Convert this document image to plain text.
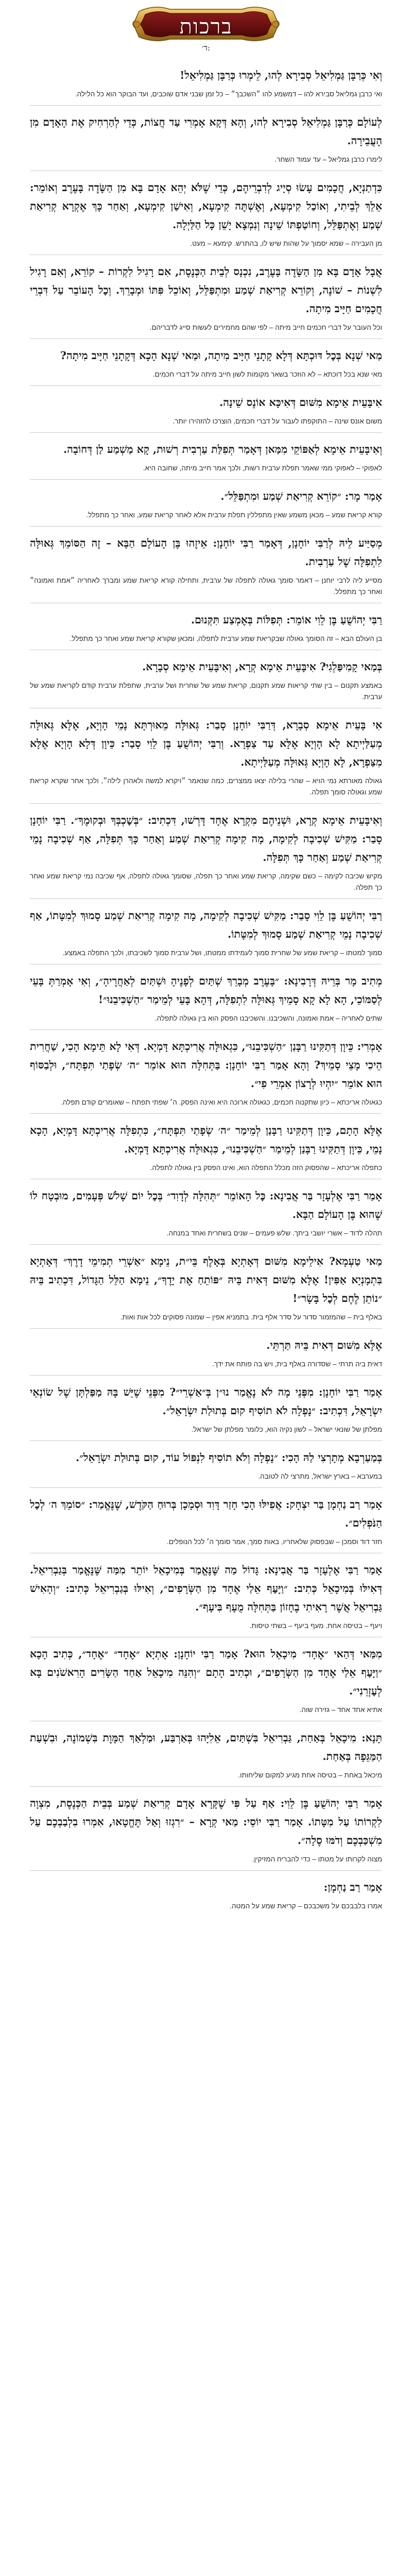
ברכות
ד׳:

וְאִי כְּרַבָּן גַּמְלִיאֵל סְבִירָא לְהוּ, לֵימְרוּ כְּרַבָּן גַּמְלִיאֵל!

ואי כרבן גמליאל סבירא להו – דמשמע להו ״השכבך״ – כל זמן שבני אדם שוכבים, ועד הבוקר הוא כל הלילה.

לְעוֹלָם כְּרַבָּן גַּמְלִיאֵל סְבִירָא לְהוּ, וְהָא דְּקָא אָמְרִי עַד חֲצוֹת, כְּדֵי לְהַרְחִיק אֶת הָאָדָם מִן הָעֲבֵירָה.

לימרו כרבן גמליאל – עד עמוד השחר.

כִּדְתַנְיָא, חֲכָמִים עָשׂוּ סְיָיג לְדִבְרֵיהֶם, כְּדֵי שֶׁלֹּא יְהֵא אָדָם בָּא מִן הַשָּׂדֶה בָּעֶרֶב וְאוֹמֵר: אֵלֵךְ לְבֵיתִי, וְאוֹכַל קִימְעָא, וְאֶשְׁתֶּה קִימְעָא, וְאִישַׁן קִימְעָא, וְאַחַר כָּךְ אֶקְרָא קְרִיאַת שְׁמַע וְאֶתְפַּלֵּל, וְחוֹטַפְתּוֹ שֵׁינָה וְנִמְצָא יָשֵׁן כָּל הַלַּיְלָה.

מן העבירה – שמא יסמוך על שהות שיש לו, בהתרש. קימעא – מעט.

אֲבָל אָדָם בָּא מִן הַשָּׂדֶה בָּעֶרֶב, נִכְנָס לְבֵית הַכְּנֶסֶת, אִם רָגִיל לִקְרוֹת – קוֹרֵא, וְאִם רָגִיל לִשְׁנוֹת – שׁוֹנֶה, וְקוֹרֵא קְרִיאַת שְׁמַע וּמִתְפַּלֵּל, וְאוֹכֵל פִּתּוֹ וּמְבָרֵךְ. וְכׇל הָעוֹבֵר עַל דִּבְרֵי חֲכָמִים חַיָּיב מִיתָה.

וכל העובר על דברי חכמים חייב מיתה – לפי שהם מחמירים לעשות סייג לדבריהם.

מַאי שְׁנָא בְּכׇל דּוּכְתָּא דְּלָא קָתָנֵי חַיָּיב מִיתָה, וּמַאי שְׁנָא הָכָא דְּקָתָנֵי חַיָּיב מִיתָה?

מאי שנא בכל דוכתא – לא הוזכר בשאר מקומות לשון חייב מיתה על דברי חכמים.

אִיבָּעֵית אֵימָא מִשּׁוּם דְּאִיכָּא אוֹנֶס שֵׁינָה.

משום אונס שינה – התוקפתו לעבור על דברי חכמים, הוצרכו להזהירו יותר.

וְאִיבָּעֵית אֵימָא לְאַפּוֹקֵי מִמַּאן דְּאָמַר תְּפִלַּת עַרְבִית רְשׁוּת, קָא מַשְׁמַע לַן דְּחוֹבָה.

לאפוקי – לאפוקי ממי שאמר תפלת ערבית רשות, ולכך אמר חייב מיתה, שחובה היא.

אָמַר מָר: ״קוֹרֵא קְרִיאַת שְׁמַע וּמִתְפַּלֵּל״.

קורא קריאת שמע – מכאן משמע שאין מתפללין תפלת ערבית אלא לאחר קריאת שמע, ואחר כך מתפלל.

מְסַיַּיע לֵיהּ לְרַבִּי יוֹחָנָן, דְּאָמַר רַבִּי יוֹחָנָן: אֵיזֶהוּ בֶּן הָעוֹלָם הַבָּא – זֶה הַסּוֹמֵךְ גְּאוּלָּה לִתְפִלָּה שֶׁל עַרְבִית.

מסייע ליה לרבי יוחנן – דאמר סומך גאולה לתפלה של ערבית, ותחילה קורא קריאת שמע ומברך לאחריה ״אמת ואמונה״ ואחר כך מתפלל.

רַבִּי יְהוֹשֻׁעַ בֶּן לֵוִי אוֹמֵר: תְּפִלּוֹת בְּאֶמְצַע תִּקְּנוּם.

בן העולם הבא – זה הסומך גאולה שבקריאת שמע ערבית לתפלה, ומכאן שקורא קריאת שמע ואחר כך מתפלל.

בְּמַאי קָמִיפַּלְגִי? אִיבָּעֵית אֵימָא קְרָא, וְאִיבָּעֵית אֵימָא סְבָרָא.

באמצע תקנום – בין שתי קריאות שמע תקנום, קריאת שמע של שחרית ושל ערבית, שתפלת ערבית קודם לקריאת שמע של ערבית.

אִי בָּעֵית אֵימָא סְבָרָא, דְּרַבִּי יוֹחָנָן סָבַר: גְּאוּלָּה מֵאוּרְתָּא נָמֵי הָוְיָא, אֶלָּא גְּאוּלָּה מְעַלַּיְיתָא לָא הָוְיָא אֶלָּא עַד צַפְרָא. וְרַבִּי יְהוֹשֻׁעַ בֶּן לֵוִי סָבַר: כֵּיוָן דְּלָא הָוְיָא אֶלָּא מִצַּפְרָא, לָא הָוְיָא גְּאוּלָּה מְעַלַּיְיתָא.

גאולה מאורתא נמי הויא – שהרי בלילה יצאו ממצרים, כמה שנאמר ״ויקרא למשה ולאהרן לילה״, ולכך אחר שקרא קריאת שמע וגאולה סומך תפלה.

וְאִיבָּעֵית אֵימָא קְרָא, וּשְׁנֵיהֶם מִקְרָא אֶחָד דָּרְשׁוּ, דִּכְתִיב: ״בְּשׇׁכְבְּךָ וּבְקוּמֶךָ״. רַבִּי יוֹחָנָן סָבַר: מַקִּישׁ שְׁכִיבָה לְקִימָה, מָה קִימָה קְרִיאַת שְׁמַע וְאַחַר כָּךְ תְּפִלָּה, אַף שְׁכִיבָה נָמֵי קְרִיאַת שְׁמַע וְאַחַר כָּךְ תְּפִלָּה.

מקיש שכיבה לקימה – כשם שקימה, קריאת שמע ואחר כך תפלה, שסומך גאולה לתפלה, אף שכיבה נמי קריאת שמע ואחר כך תפלה.

רַבִּי יְהוֹשֻׁעַ בֶּן לֵוִי סָבַר: מַקִּישׁ שְׁכִיבָה לְקִימָה, מָה קִימָה קְרִיאַת שְׁמַע סָמוּךְ לְמִטָּתוֹ, אַף שְׁכִיבָה נָמֵי קְרִיאַת שְׁמַע סָמוּךְ לְמִטָּתוֹ.

סמוך למטתו – קריאת שמע של שחרית סמוך לעמידתו ממטתו, ושל ערבית סמוך לשכיבתו, ולכך התפלה באמצע.

מְתִיב מָר בְּרֵיהּ דְּרָבִינָא: ״בָּעֶרֶב מְבָרֵךְ שְׁתַּיִם לְפָנֶיהָ וּשְׁתַּיִם לְאַחֲרֶיהָ״, וְאִי אָמְרַתְּ בָּעֵי לְסַמּוֹכֵי, הָא לָא קָא סָמֵיךְ גְּאוּלָּה לִתְפִלָּה, דְּהָא בָּעֵי לְמֵימַר ״הַשְׁכִּיבֵנוּ״!

שתים לאחריה – אמת ואמונה, והשכיבנו. והשכיבנו הפסק הוא בין גאולה לתפלה.

אָמְרִי: כֵּיוָן דְּתַקִּינוּ רַבָּנַן ״הַשְׁכִּיבֵנוּ״, כִּגְאוּלָּה אֲרִיכְתָּא דָּמְיָא. דְּאִי לָא תֵּימָא הָכִי, שַׁחֲרִית הֵיכִי מָצֵי סָמֵיךְ? וְהָא אָמַר רַבִּי יוֹחָנָן: בַּתְּחִלָּה הוּא אוֹמֵר ״ה׳ שְׂפָתַי תִּפְתָּח״, וּלְבַסּוֹף הוּא אוֹמֵר ״יִהְיוּ לְרָצוֹן אִמְרֵי פִי״.

כגאולה אריכתא – כיון שתקנוה חכמים, כגאולה ארוכה היא ואינה הפסק. ה׳ שפתי תפתח – שאומרים קודם תפלה.

אֶלָּא הָתָם, כֵּיוָן דְּתַקִּינוּ רַבָּנַן לְמֵימַר ״ה׳ שְׂפָתַי תִּפְתָּח״, כִּתְפִלָּה אֲרִיכְתָּא דָּמְיָא, הָכָא נָמֵי, כֵּיוָן דְּתַקִּינוּ רַבָּנַן לְמֵימַר ״הַשְׁכִּיבֵנוּ״, כִּגְאוּלָּה אֲרִיכְתָּא דָּמְיָא.

כתפלה אריכתא – שהפסוק הזה מכלל התפלה הוא, ואינו הפסק בין גאולה לתפלה.

אָמַר רַבִּי אֶלְעָזָר בַּר אֲבִינָא: כׇּל הָאוֹמֵר ״תְּהִלָּה לְדָוִד״ בְּכׇל יוֹם שָׁלֹשׁ פְּעָמִים, מוּבְטָח לוֹ שֶׁהוּא בֶּן הָעוֹלָם הַבָּא.

תהלה לדוד – אשרי יושבי ביתך. שלש פעמים – שנים בשחרית ואחד במנחה.

מַאי טַעְמָא? אִילֵימָא מִשּׁוּם דְּאָתְיָא בְּאָלֶף בֵּי״ת, נֵימָא ״אַשְׁרֵי תְמִימֵי דָרֶךְ״ דְּאָתְיָא בִּתְמָנְיָא אַפִּין! אֶלָּא מִשּׁוּם דְּאִית בֵּיהּ ״פּוֹתֵחַ אֶת יָדֶךָ״, נֵימָא הַלֵּל הַגָּדוֹל, דִּכְתִיב בֵּיהּ ״נוֹתֵן לֶחֶם לְכׇל בָּשָׂר״!

באלף בית – שהמזמור סדור על סדר אלף בית. בתמניא אפין – שמונה פסוקים לכל אות ואות.

אֶלָּא מִשּׁוּם דְּאִית בֵּיהּ תַּרְתֵּי.

דאית ביה תרתי – שסדורה באלף בית, ויש בה פותח את ידך.

אָמַר רַבִּי יוֹחָנָן: מִפְּנֵי מָה לֹא נֶאֱמַר נוּ״ן בְּ״אַשְׁרֵי״? מִפְּנֵי שֶׁיֵּשׁ בָּהּ מַפַּלְתָּן שֶׁל שׂוֹנְאֵי יִשְׂרָאֵל, דִּכְתִיב: ״נָפְלָה לֹא תוֹסִיף קוּם בְּתוּלַת יִשְׂרָאֵל״.

מפלתן של שונאי ישראל – לשון נקיה הוא, כלומר מפלתן של ישראל.

בְּמַעַרְבָא מְתָרְצִי לַהּ הָכִי: ״נָפְלָה וְלֹא תוֹסִיף לִנְפּוֹל עוֹד, קוּם בְּתוּלַת יִשְׂרָאֵל״.

במערבא – בארץ ישראל, מתרצי לה לטובה.

אָמַר רַב נַחְמָן בַּר יִצְחָק: אֲפִילּוּ הָכִי חָזַר דָּוִד וּסְמָכָן בְּרוּחַ הַקֹּדֶשׁ, שֶׁנֶּאֱמַר: ״סוֹמֵךְ ה׳ לְכׇל הַנֹּפְלִים״.

חזר דוד וסמכן – שבפסוק שלאחריו, באות סמך, אמר סומך ה׳ לכל הנופלים.

אָמַר רַבִּי אֶלְעָזָר בַּר אֲבִינָא: גָּדוֹל מַה שֶּׁנֶּאֱמַר בְּמִיכָאֵל יוֹתֵר מִמַּה שֶּׁנֶּאֱמַר בְּגַבְרִיאֵל. דְּאִילּוּ בְּמִיכָאֵל כְּתִיב: ״וַיָּעׇף אֵלַי אֶחָד מִן הַשְּׂרָפִים״, וְאִילּוּ בְּגַבְרִיאֵל כְּתִיב: ״וְהָאִישׁ גַּבְרִיאֵל אֲשֶׁר רָאִיתִי בֶחָזוֹן בַּתְּחִלָּה מֻעָף בִּיעָף״.

ויעף – בטיסה אחת. מעף ביעף – בשתי טיסות.

מִמַּאי דְּהַאי ״אֶחָד״ מִיכָאֵל הוּא? אָמַר רַבִּי יוֹחָנָן: אָתְיָא ״אֶחָד״ ״אֶחָד״, כְּתִיב הָכָא ״וַיָּעׇף אֵלַי אֶחָד מִן הַשְּׂרָפִים״, וּכְתִיב הָתָם ״וְהִנֵּה מִיכָאֵל אַחַד הַשָּׂרִים הָרִאשֹׁנִים בָּא לְעׇזְרֵנִי״.

אתיא אחד אחד – גזירה שוה.

תָּנָא: מִיכָאֵל בְּאַחַת, גַּבְרִיאֵל בִּשְׁתַּיִם, אֵלִיָּהוּ בְּאַרְבַּע, וּמַלְאַךְ הַמָּוֶת בִּשְׁמוֹנֶה, וּבִשְׁעַת הַמַּגֵּפָה בְּאַחַת.

מיכאל באחת – בטיסה אחת מגיע למקום שליחותו.

אָמַר רַבִּי יְהוֹשֻׁעַ בֶּן לֵוִי: אַף עַל פִּי שֶׁקָּרָא אָדָם קְרִיאַת שְׁמַע בְּבֵית הַכְּנֶסֶת, מִצְוָה לִקְרוֹתוֹ עַל מִטָּתוֹ. אָמַר רַבִּי יוֹסֵי: מַאי קְרָא – ״רִגְזוּ וְאַל תֶּחֱטָאוּ, אִמְרוּ בִלְבַבְכֶם עַל מִשְׁכַּבְכֶם וְדֹמּוּ סֶלָה״.

מצוה לקרותו על מטתו – כדי להבריח המזיקין.

אָמַר רַב נַחְמָן:

אמרו בלבבכם על משכבכם – קריאת שמע על המטה.
